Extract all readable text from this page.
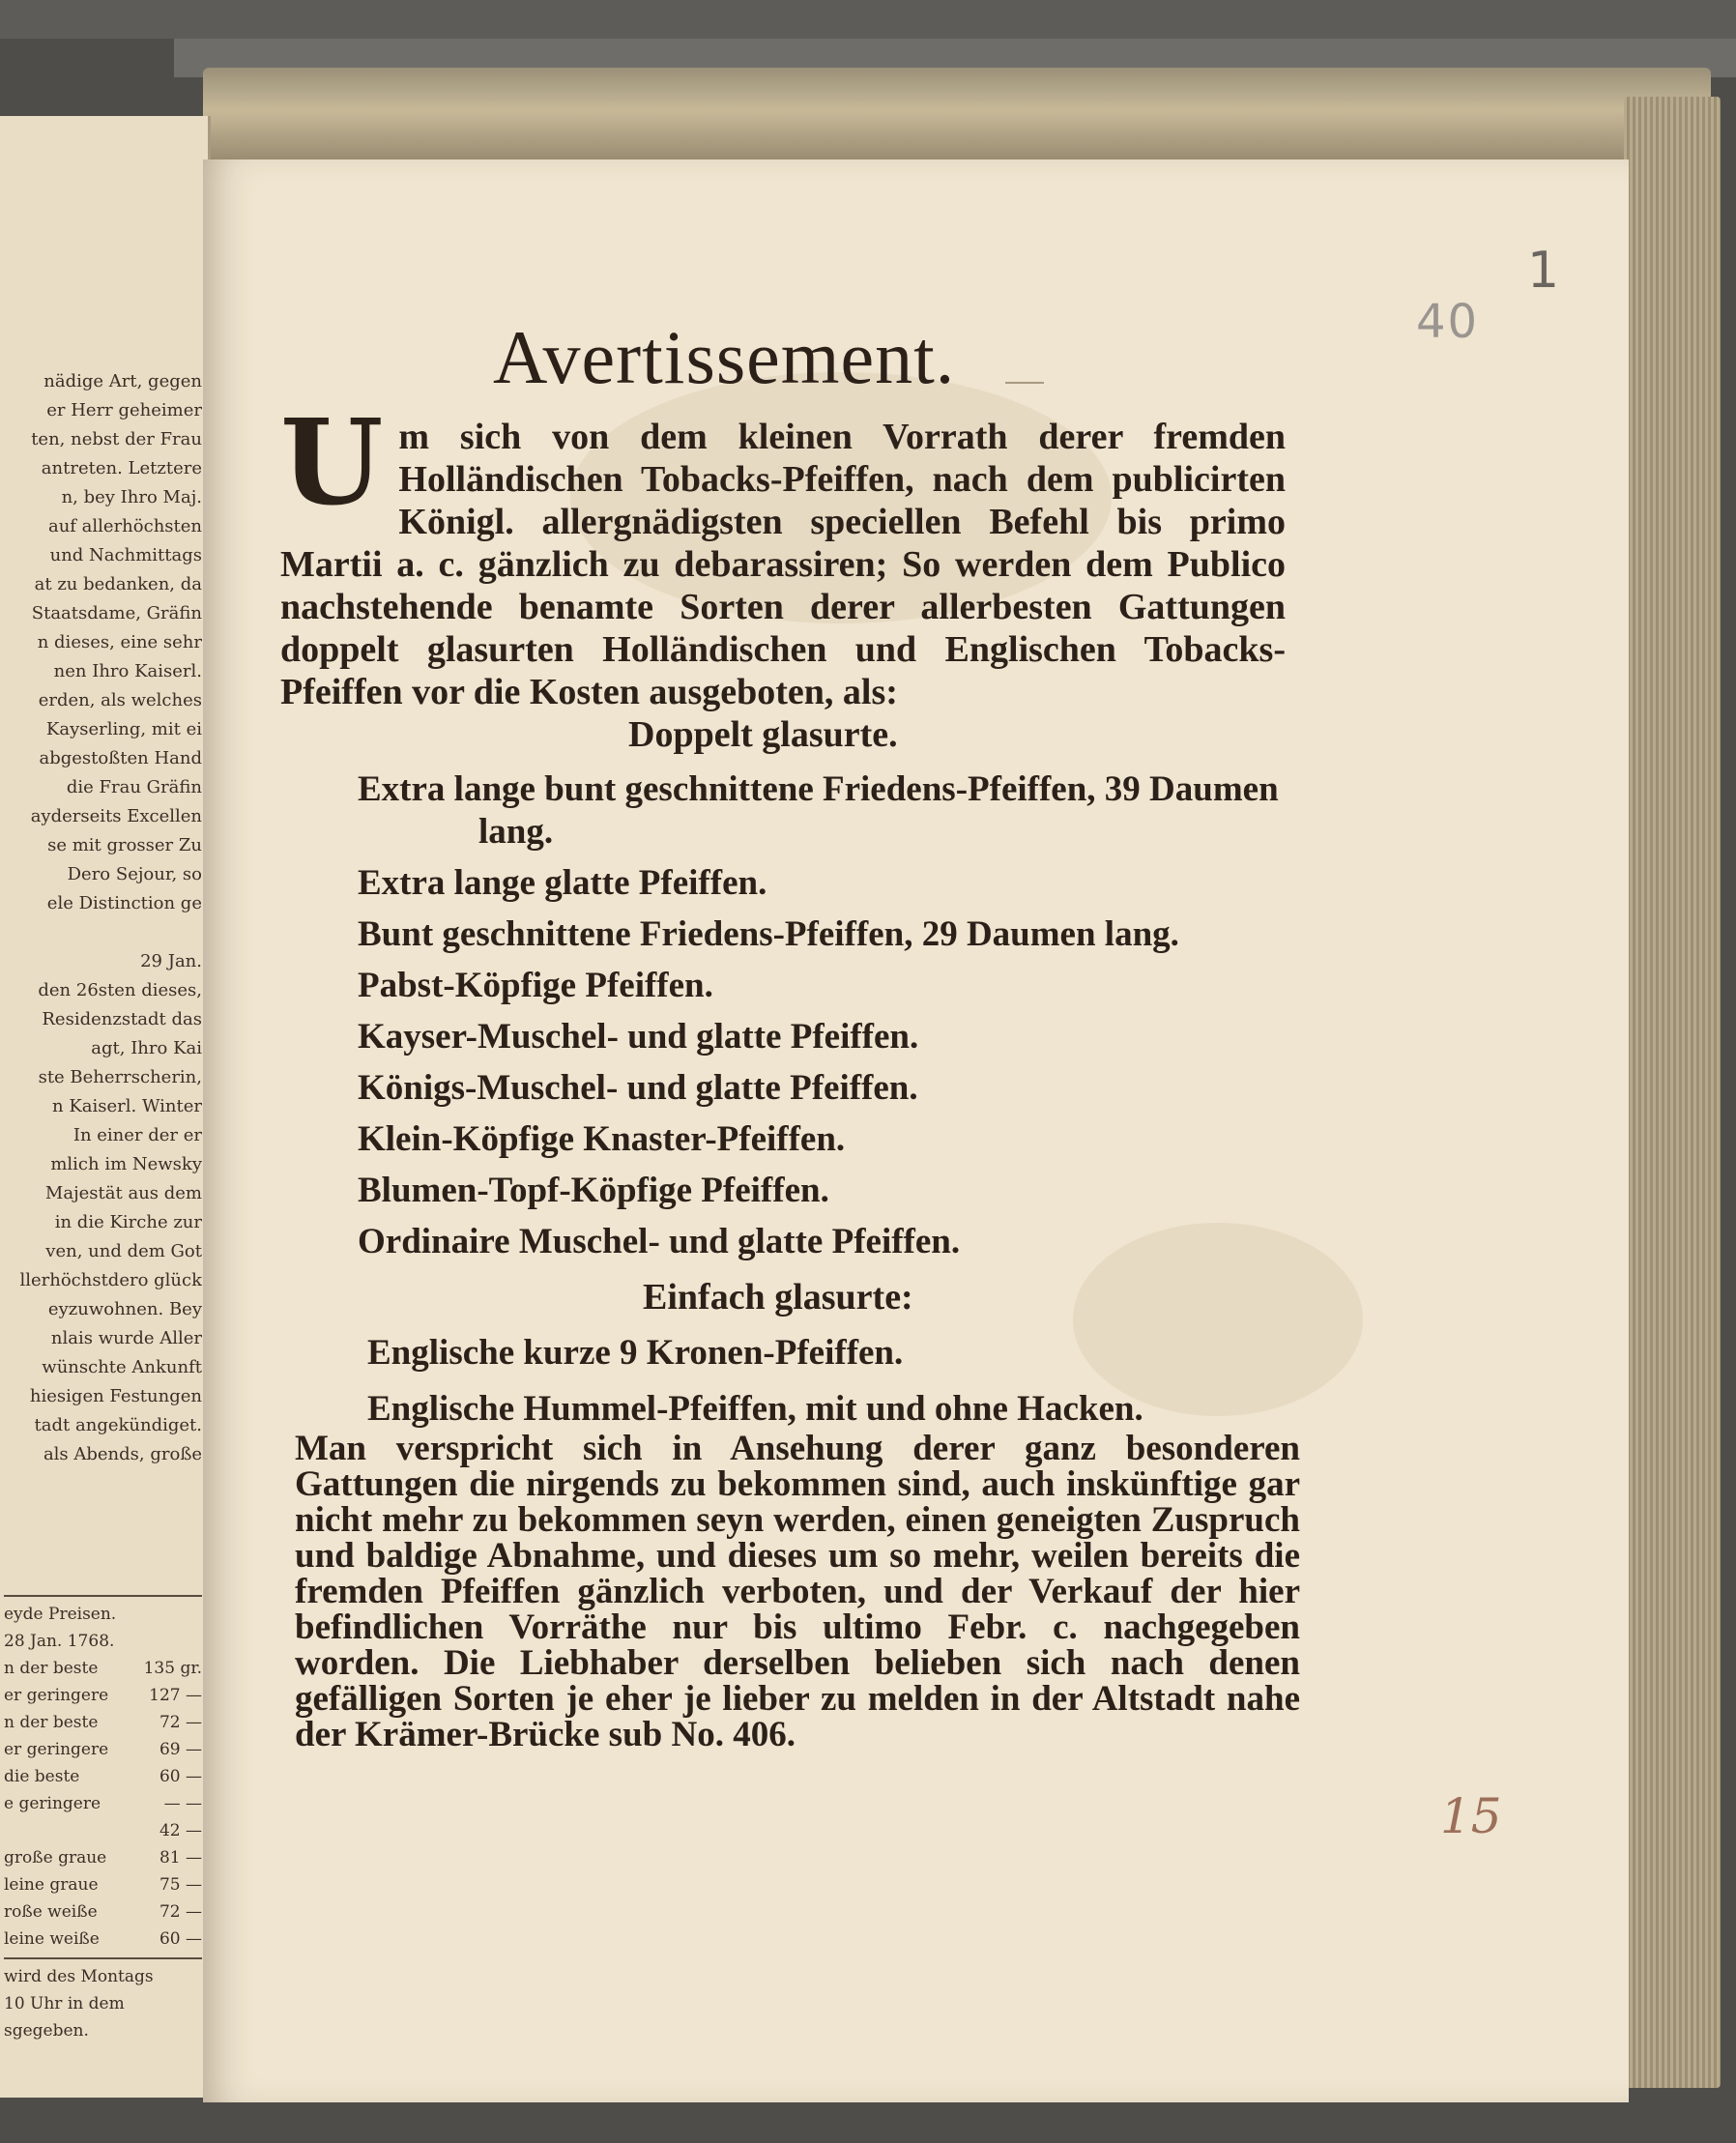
nädige Art, gegen
er Herr geheimer
ten, nebst der Frau
antreten. Letztere
n, bey Ihro Maj.
auf allerhöchsten
und Nachmittags
at zu bedanken, da
Staatsdame, Gräfin
n dieses, eine sehr
nen Ihro Kaiserl.
erden, als welches
Kayserling, mit ei
abgestoßten Hand
die Frau Gräfin
ayderseits Excellen
se mit grosser Zu
Dero Sejour, so
ele Distinction ge

29 Jan.
den 26sten dieses,
Residenzstadt das
agt, Ihro Kai
ste Beherrscherin,
n Kaiserl. Winter
In einer der er
mlich im Newsky
Majestät aus dem
in die Kirche zur
ven, und dem Got
llerhöchstdero glück
eyzuwohnen. Bey
nlais wurde Aller
wünschte Ankunft
hiesigen Festungen
tadt angekündiget.
als Abends, große
eyde Preisen.
28 Jan. 1768.
n der beste	135 gr.
er geringere 127 —
n der beste	72 —
er geringere	69 —
die beste	60 —
e geringere	— —
42 —
große graue	81 —
leine graue	75 —
roße weiße	72 —
leine weiße	60 —
wird des Montags
10 Uhr in dem
sgegeben.
40
1
15
Avertissement.
U m sich von dem kleinen Vorrath derer fremden Holländischen Tobacks-Pfeiffen, nach dem publicirten Königl. allergnädigsten speciellen Befehl bis primo Martii a. c. gänzlich zu debarassiren; So werden dem Publico nachstehende benamte Sorten derer allerbesten Gattungen doppelt glasurten Holländischen und Englischen Tobacks-Pfeiffen vor die Kosten ausgeboten, als:

Doppelt glasurte.
Extra lange bunt geschnittene Friedens-Pfeiffen, 39 Daumen
lang.
Extra lange glatte Pfeiffen.
Bunt geschnittene Friedens-Pfeiffen, 29 Daumen lang.
Pabst-Köpfige Pfeiffen.
Kayser-Muschel- und glatte Pfeiffen.
Königs-Muschel- und glatte Pfeiffen.
Klein-Köpfige Knaster-Pfeiffen.
Blumen-Topf-Köpfige Pfeiffen.
Ordinaire Muschel- und glatte Pfeiffen.
Einfach glasurte:
Englische kurze 9 Kronen-Pfeiffen.
Englische Hummel-Pfeiffen, mit und ohne Hacken.

Man verspricht sich in Ansehung derer ganz besonderen Gattungen die nirgends zu bekommen sind, auch inskünftige gar nicht mehr zu bekommen seyn werden, einen geneigten Zuspruch und baldige Abnahme, und dieses um so mehr, weilen bereits die fremden Pfeiffen gänzlich verboten, und der Verkauf der hier befindlichen Vorräthe nur bis ultimo Febr. c. nachgegeben worden. Die Liebhaber derselben belieben sich nach denen gefälligen Sorten je eher je lieber zu melden in der Altstadt nahe der Krämer-Brücke sub No. 406.
